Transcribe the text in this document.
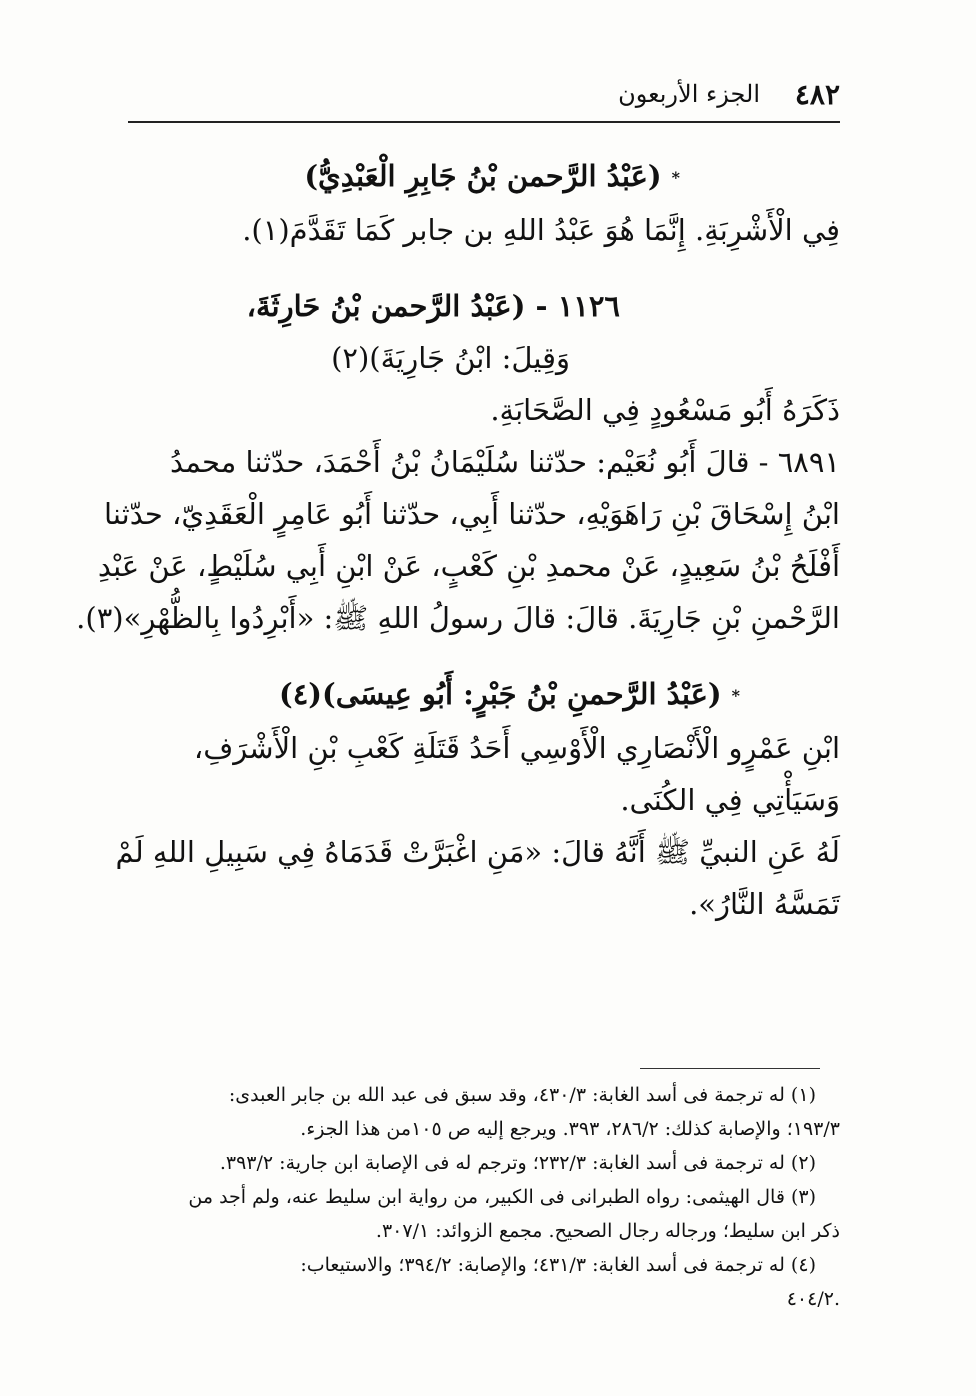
٤٨٢
الجزء الأربعون
*(عَبْدُ الرَّحمن بْنُ جَابِرِ الْعَبْدِيُّ)
فِي الْأَشْرِبَةِ. إِنَّمَا هُوَ عَبْدُ اللهِ بن جابر كَمَا تَقَدَّمَ(١).
١١٢٦ - (عَبْدُ الرَّحمن بْنُ حَارِثَةَ،
وَقِيلَ: ابْنُ جَارِيَةَ)(٢)
ذَكَرَهُ أَبُو مَسْعُودٍ فِي الصَّحَابَةِ.
٦٨٩١ - قالَ أَبُو نُعَيْم: حدّثنا سُلَيْمَانُ بْنُ أَحْمَدَ، حدّثنا محمدُ
ابْنُ إِسْحَاقَ بْنِ رَاهَوَيْهِ، حدّثنا أَبِي، حدّثنا أَبُو عَامِرٍ الْعَقَدِيّ، حدّثنا
أَفْلَحُ بْنُ سَعِيدٍ، عَنْ محمدِ بْنِ كَعْبٍ، عَنْ ابْنِ أَبِي سُلَيْطٍ، عَنْ عَبْدِ
الرَّحْمنِ بْنِ جَارِيَةَ. قالَ: قالَ رسولُ اللهِ ﷺ: «أَبْرِدُوا بِالظُّهْرِ»(٣).
*(عَبْدُ الرَّحمنِ بْنُ جَبْرٍ: أَبُو عِيسَى)(٤)
ابْنِ عَمْرٍو الْأَنْصَارِي الْأَوْسِي أَحَدُ قَتَلَةِ كَعْبِ بْنِ الْأَشْرَفِ،
وَسَيَأْتِي فِي الكُنَى.
لَهُ عَنِ النبيِّ ﷺ أَنَّهُ قالَ: «مَنِ اغْبَرَّتْ قَدَمَاهُ فِي سَبِيلِ اللهِ لَمْ
تَمَسَّهُ النَّارُ».
(١) له ترجمة فى أسد الغابة: ٤٣٠/٣، وقد سبق فى عبد الله بن جابر العبدى:
١٩٣/٣؛ والإصابة كذلك: ٢٨٦/٢، ٣٩٣. ويرجع إليه ص ١٠٥من هذا الجزء.
(٢) له ترجمة فى أسد الغابة: ٢٣٢/٣؛ وترجم له فى الإصابة ابن جارية: ٣٩٣/٢.
(٣) قال الهيثمى: رواه الطبرانى فى الكبير، من رواية ابن سليط عنه، ولم أجد من
ذكر ابن سليط؛ ورجاله رجال الصحيح. مجمع الزوائد: ٣٠٧/١.
(٤) له ترجمة فى أسد الغابة: ٤٣١/٣؛ والإصابة: ٣٩٤/٢؛ والاستيعاب:
.٤٠٤/٢
